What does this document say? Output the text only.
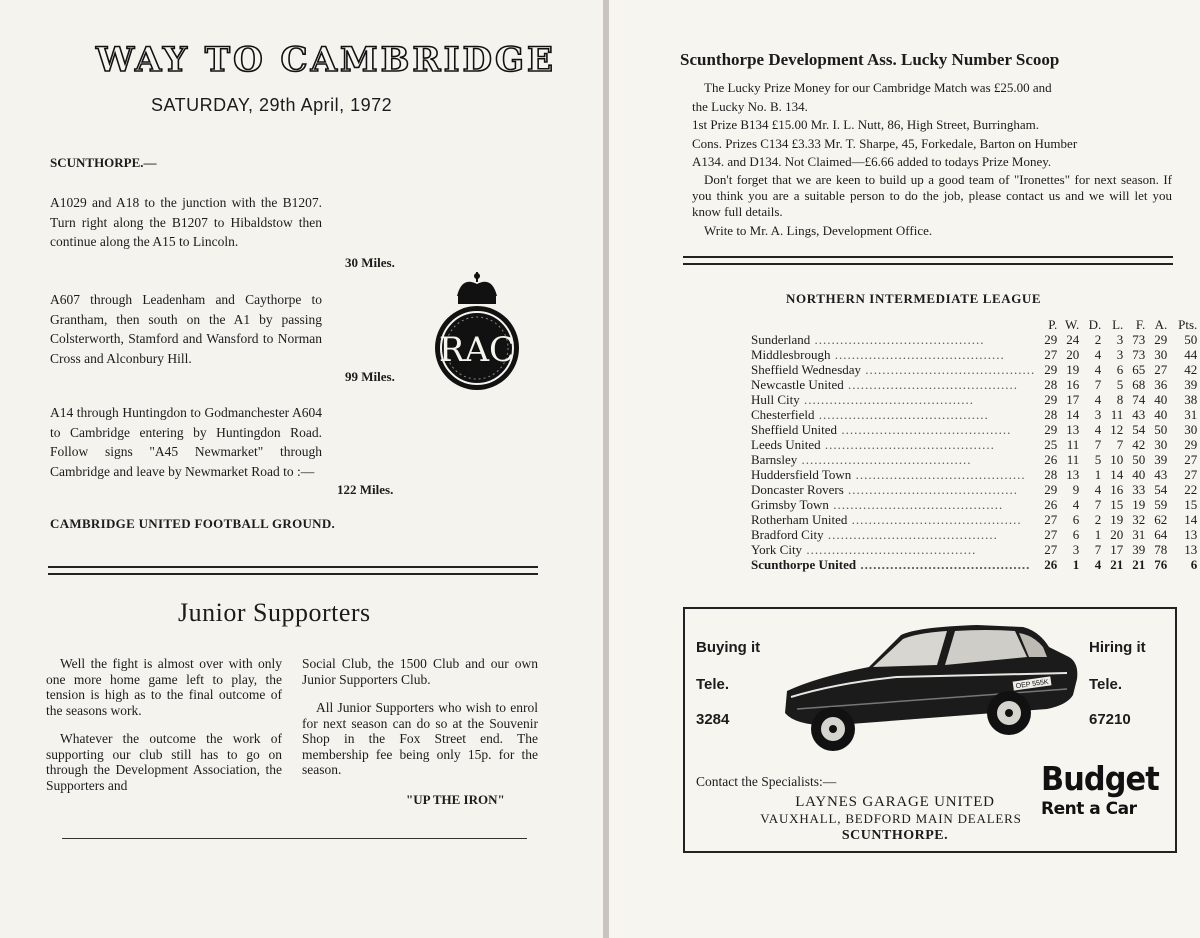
WAY TO CAMBRIDGE
SATURDAY, 29th April, 1972
SCUNTHORPE.—
A1029 and A18 to the junction with the B1207. Turn right along the B1207 to Hibaldstow then continue along the A15 to Lincoln.
30 Miles.
A607 through Leadenham and Caythorpe to Grantham, then south on the A1 by passing Colsterworth, Stamford and Wansford to Norman Cross and Alconbury Hill.
99 Miles.
A14 through Huntingdon to Godmanchester A604 to Cambridge entering by Huntingdon Road. Follow signs "A45 Newmarket" through Cambridge and leave by Newmarket Road to :—
122 Miles.
RAC
CAMBRIDGE UNITED FOOTBALL GROUND.
Junior Supporters

Well the fight is almost over with only one more home game left to play, the tension is high as to the final outcome of the seasons work.

Whatever the outcome the work of supporting our club still has to go on through the Development Association, the Supporters and

Social Club, the 1500 Club and our own Junior Supporters Club.

All Junior Supporters who wish to enrol for next season can do so at the Souvenir Shop in the Fox Street end. The membership fee being only 15p. for the season.

"UP THE IRON"
Scunthorpe Development Ass. Lucky Number Scoop
The Lucky Prize Money for our Cambridge Match was £25.00 and
the Lucky No. B. 134.
1st Prize B134 £15.00 Mr. I. L. Nutt, 86, High Street, Burringham.
Cons. Prizes C134 £3.33 Mr. T. Sharpe, 45, Forkedale, Barton on Humber
A134. and D134. Not Claimed—£6.66 added to todays Prize Money.
Don't forget that we are keen to build up a good team of "Ironettes" for next season. If you think you are a suitable person to do the job, please contact us and we will let you know full details.
Write to Mr. A. Lings, Development Office.
NORTHERN INTERMEDIATE LEAGUE
	P.	W.	D.	L.	F.	A.	Pts.
Sunderland ........................................	29	24	2	3	73	29	50
Middlesbrough ........................................	27	20	4	3	73	30	44
Sheffield Wednesday ........................................	29	19	4	6	65	27	42
Newcastle United ........................................	28	16	7	5	68	36	39
Hull City ........................................	29	17	4	8	74	40	38
Chesterfield ........................................	28	14	3	11	43	40	31
Sheffield United ........................................	29	13	4	12	54	50	30
Leeds United ........................................	25	11	7	7	42	30	29
Barnsley ........................................	26	11	5	10	50	39	27
Huddersfield Town ........................................	28	13	1	14	40	43	27
Doncaster Rovers ........................................	29	9	4	16	33	54	22
Grimsby Town ........................................	26	4	7	15	19	59	15
Rotherham United ........................................	27	6	2	19	32	62	14
Bradford City ........................................	27	6	1	20	31	64	13
York City ........................................	27	3	7	17	39	78	13
Scunthorpe United ........................................	26	1	4	21	21	76	6
Buying it
Tele.
3284
Hiring it
Tele.
67210
OEP 555K
Contact the Specialists:—
LAYNES GARAGE UNITED
VAUXHALL, BEDFORD MAIN DEALERS
SCUNTHORPE.
Budget
Rent a Car
